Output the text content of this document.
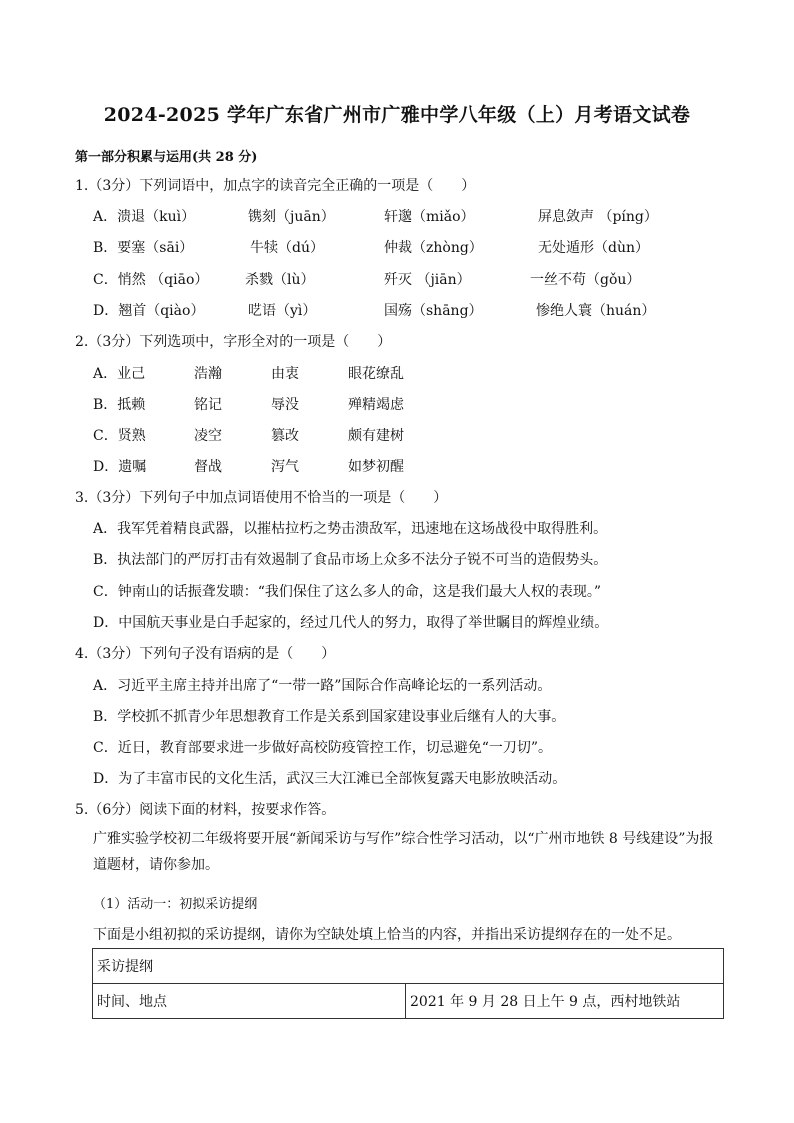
2024-2025 学年广东省广州市广雅中学八年级（上）月考语文试卷
第一部分积累与运用(共 28 分)
1.（3分）下列词语中，加点字的读音完全正确的一项是（　　）
A．溃退（kuì）	镌刻（juān）	轩邈（miǎo）	屏息敛声 （píng）
B．要塞（sāi）	牛犊（dú）	仲裁（zhòng）	无处遁形（dùn）
C．悄然 （qiāo）	杀戮（lù）	歼灭 （jiān）	一丝不苟（gǒu）
D．翘首（qiào）	呓语（yì）	国殇（shāng）	惨绝人寰（huán）
2.（3分）下列选项中，字形全对的一项是（　　）
A．业己	浩瀚	由衷	眼花缭乱
B．抵赖	铭记	辱没	殚精竭虑
C．贤熟	凌空	篡改	颇有建树
D．遗嘱	督战	泻气	如梦初醒
3.（3分）下列句子中加点词语使用不恰当的一项是（　　）
A．我军凭着精良武器，以摧枯拉朽之势击溃敌军，迅速地在这场战役中取得胜利。
B．执法部门的严厉打击有效遏制了食品市场上众多不法分子锐不可当的造假势头。
C．钟南山的话振聋发聩：“我们保住了这么多人的命，这是我们最大人权的表现。”
D．中国航天事业是白手起家的，经过几代人的努力，取得了举世瞩目的辉煌业绩。
4.（3分）下列句子没有语病的是（　　）
A．习近平主席主持并出席了“一带一路”国际合作高峰论坛的一系列活动。
B．学校抓不抓青少年思想教育工作是关系到国家建设事业后继有人的大事。
C．近日，教育部要求进一步做好高校防疫管控工作，切忌避免“一刀切”。
D．为了丰富市民的文化生活，武汉三大江滩已全部恢复露天电影放映活动。
5.（6分）阅读下面的材料，按要求作答。
广雅实验学校初二年级将要开展“新闻采访与写作”综合性学习活动，以“广州市地铁 8 号线建设”为报道题材，请你参加。
（1）活动一：初拟采访提纲
下面是小组初拟的采访提纲，请你为空缺处填上恰当的内容，并指出采访提纲存在的一处不足。
采访提纲
时间、地点	2021 年 9 月 28 日上午 9 点，西村地铁站
